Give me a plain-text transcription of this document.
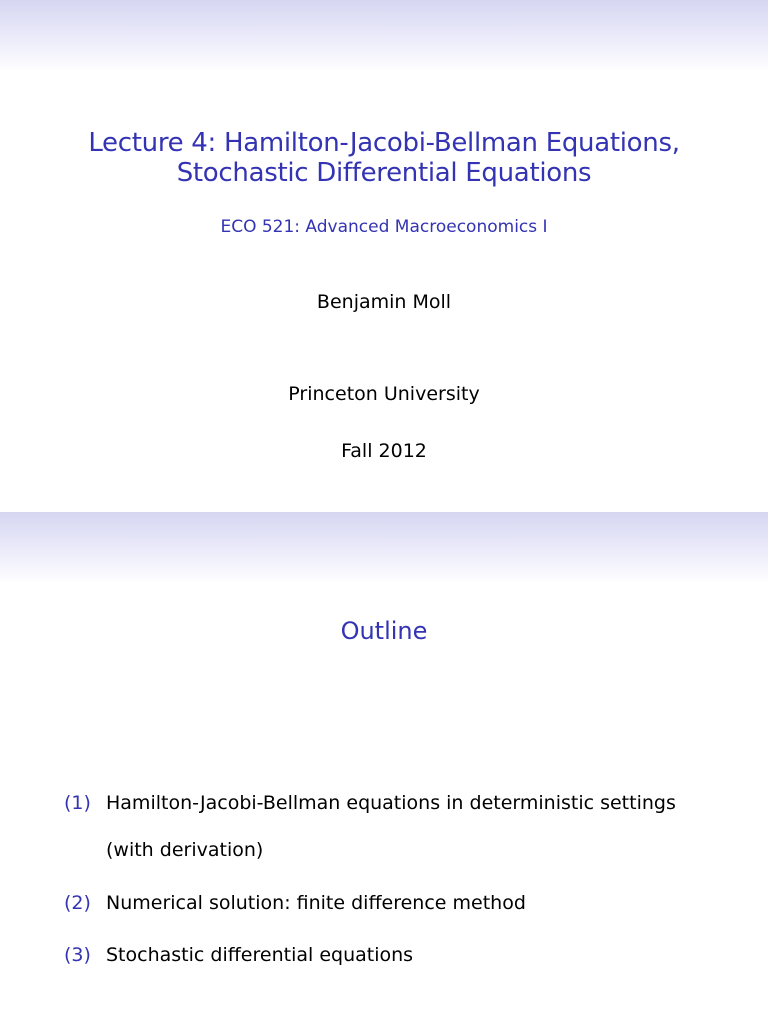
Lecture 4: Hamilton-Jacobi-Bellman Equations,
Stochastic Differential Equations
ECO 521: Advanced Macroeconomics I
Benjamin Moll
Princeton University
Fall 2012
Outline
(1) Hamilton-Jacobi-Bellman equations in deterministic settings
(with derivation)
(2) Numerical solution: finite difference method
(3) Stochastic differential equations
